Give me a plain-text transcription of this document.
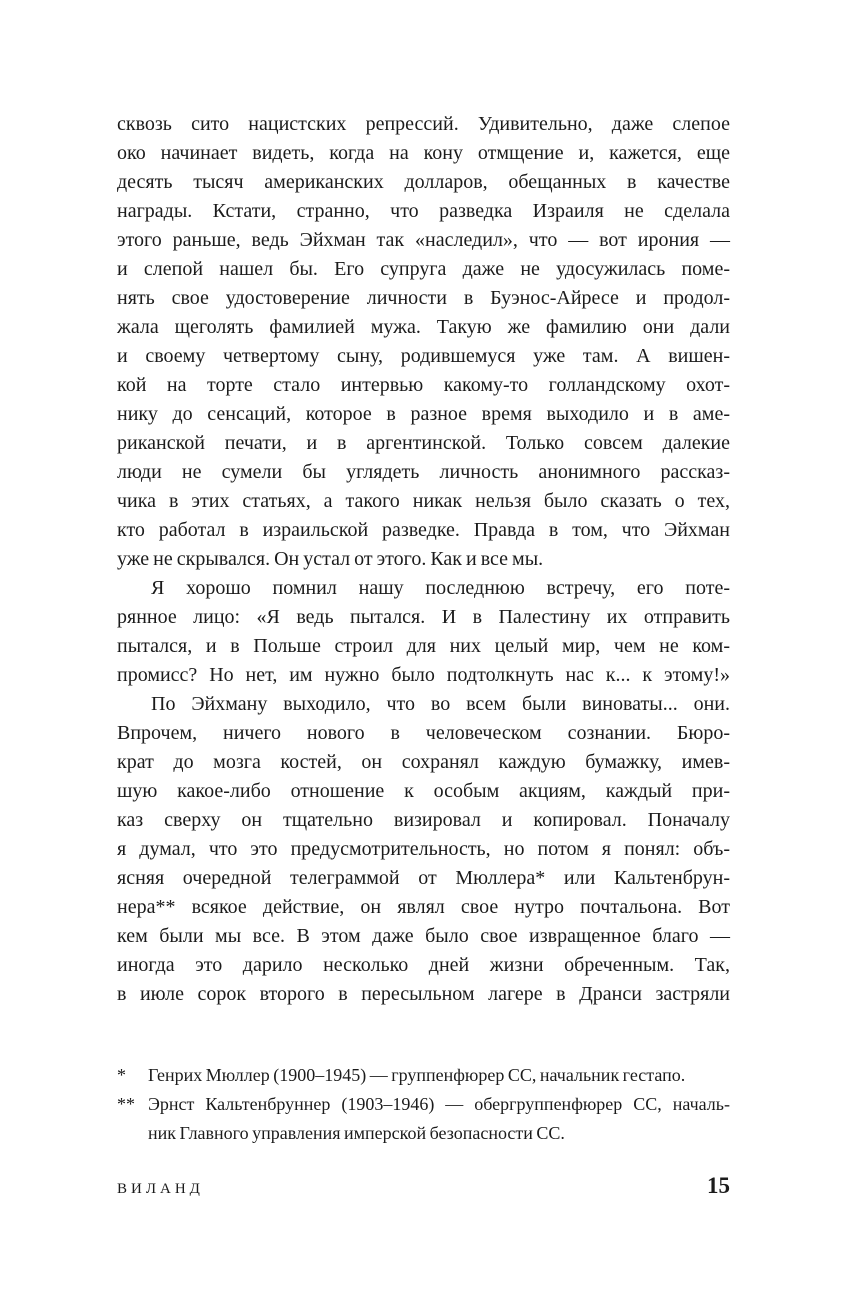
сквозь сито нацистских репрессий. Удивительно, даже слепое
око начинает видеть, когда на кону отмщение и, кажется, еще
десять тысяч американских долларов, обещанных в качестве
награды. Кстати, странно, что разведка Израиля не сделала
этого раньше, ведь Эйхман так «наследил», что — вот ирония —
и слепой нашел бы. Его супруга даже не удосужилась поме-
нять свое удостоверение личности в Буэнос-Айресе и продол-
жала щеголять фамилией мужа. Такую же фамилию они дали
и своему четвертому сыну, родившемуся уже там. А вишен-
кой на торте стало интервью какому-то голландскому охот-
нику до сенсаций, которое в разное время выходило и в аме-
риканской печати, и в аргентинской. Только совсем далекие
люди не сумели бы углядеть личность анонимного рассказ-
чика в этих статьях, а такого никак нельзя было сказать о тех,
кто работал в израильской разведке. Правда в том, что Эйхман
уже не скрывался. Он устал от этого. Как и все мы.
Я хорошо помнил нашу последнюю встречу, его поте-
рянное лицо: «Я ведь пытался. И в Палестину их отправить
пытался, и в Польше строил для них целый мир, чем не ком-
промисс? Но нет, им нужно было подтолкнуть нас к... к этому!»
По Эйхману выходило, что во всем были виноваты... они.
Впрочем, ничего нового в человеческом сознании. Бюро-
крат до мозга костей, он сохранял каждую бумажку, имев-
шую какое-либо отношение к особым акциям, каждый при-
каз сверху он тщательно визировал и копировал. Поначалу
я думал, что это предусмотрительность, но потом я понял: объ-
ясняя очередной телеграммой от Мюллера* или Кальтенбрун-
нера** всякое действие, он являл свое нутро почтальона. Вот
кем были мы все. В этом даже было свое извращенное благо —
иногда это дарило несколько дней жизни обреченным. Так,
в июле сорок второго в пересыльном лагере в Дранси застряли
*	Генрих Мюллер (1900–1945) — группенфюрер СС, начальник гестапо.
** Эрнст Кальтенбруннер (1903–1946) — обергруппенфюрер СС, началь-
ник Главного управления имперской безопасности СС.
ВИЛАНД	15
